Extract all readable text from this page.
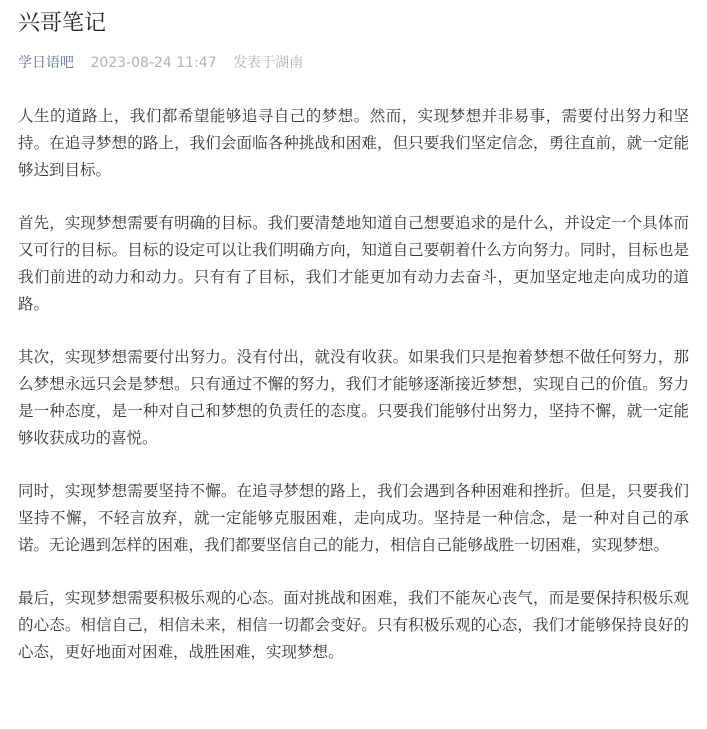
兴哥笔记
学日语吧 2023-08-24 11:47 发表于湖南

人生的道路上，我们都希望能够追寻自己的梦想。然而，实现梦想并非易事，需要付出努力和坚持。在追寻梦想的路上，我们会面临各种挑战和困难，但只要我们坚定信念，勇往直前，就一定能够达到目标。

首先，实现梦想需要有明确的目标。我们要清楚地知道自己想要追求的是什么，并设定一个具体而又可行的目标。目标的设定可以让我们明确方向，知道自己要朝着什么方向努力。同时，目标也是我们前进的动力和动力。只有有了目标，我们才能更加有动力去奋斗，更加坚定地走向成功的道路。

其次，实现梦想需要付出努力。没有付出，就没有收获。如果我们只是抱着梦想不做任何努力，那么梦想永远只会是梦想。只有通过不懈的努力，我们才能够逐渐接近梦想，实现自己的价值。努力是一种态度，是一种对自己和梦想的负责任的态度。只要我们能够付出努力，坚持不懈，就一定能够收获成功的喜悦。

同时，实现梦想需要坚持不懈。在追寻梦想的路上，我们会遇到各种困难和挫折。但是，只要我们坚持不懈，不轻言放弃，就一定能够克服困难，走向成功。坚持是一种信念，是一种对自己的承诺。无论遇到怎样的困难，我们都要坚信自己的能力，相信自己能够战胜一切困难，实现梦想。

最后，实现梦想需要积极乐观的心态。面对挑战和困难，我们不能灰心丧气，而是要保持积极乐观的心态。相信自己，相信未来，相信一切都会变好。只有积极乐观的心态，我们才能够保持良好的心态，更好地面对困难，战胜困难，实现梦想。
